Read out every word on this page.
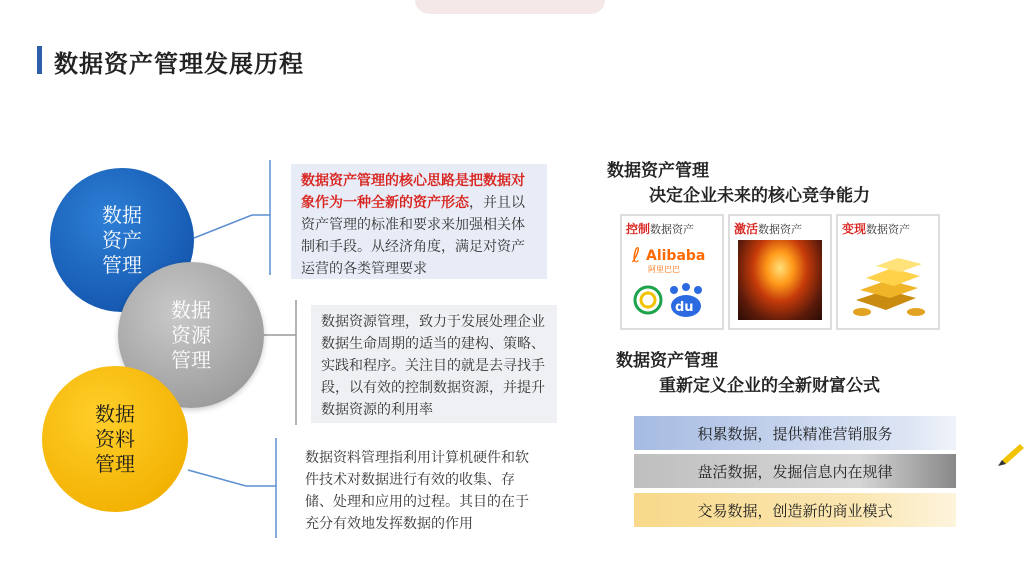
数据资产管理发展历程
数据
资产
管理
数据
资源
管理
数据
资料
管理
数据资产管理的核心思路是把数据对象作为一种全新的资产形态，并且以资产管理的标准和要求来加强相关体制和手段。从经济角度，满足对资产运营的各类管理要求
数据资源管理，致力于发展处理企业数据生命周期的适当的建构、策略、实践和程序。关注目的就是去寻找手段，以有效的控制数据资源，并提升数据资源的利用率
数据资料管理指利用计算机硬件和软件技术对数据进行有效的收集、存储、处理和应用的过程。其目的在于充分有效地发挥数据的作用
数据资产管理
决定企业未来的核心竞争能力
控制数据资产
ℓ Alibaba
阿里巴巴
du
激活数据资产	变现数据资产
数据资产管理
重新定义企业的全新财富公式
积累数据，提供精准营销服务
盘活数据，发掘信息内在规律
交易数据，创造新的商业模式
